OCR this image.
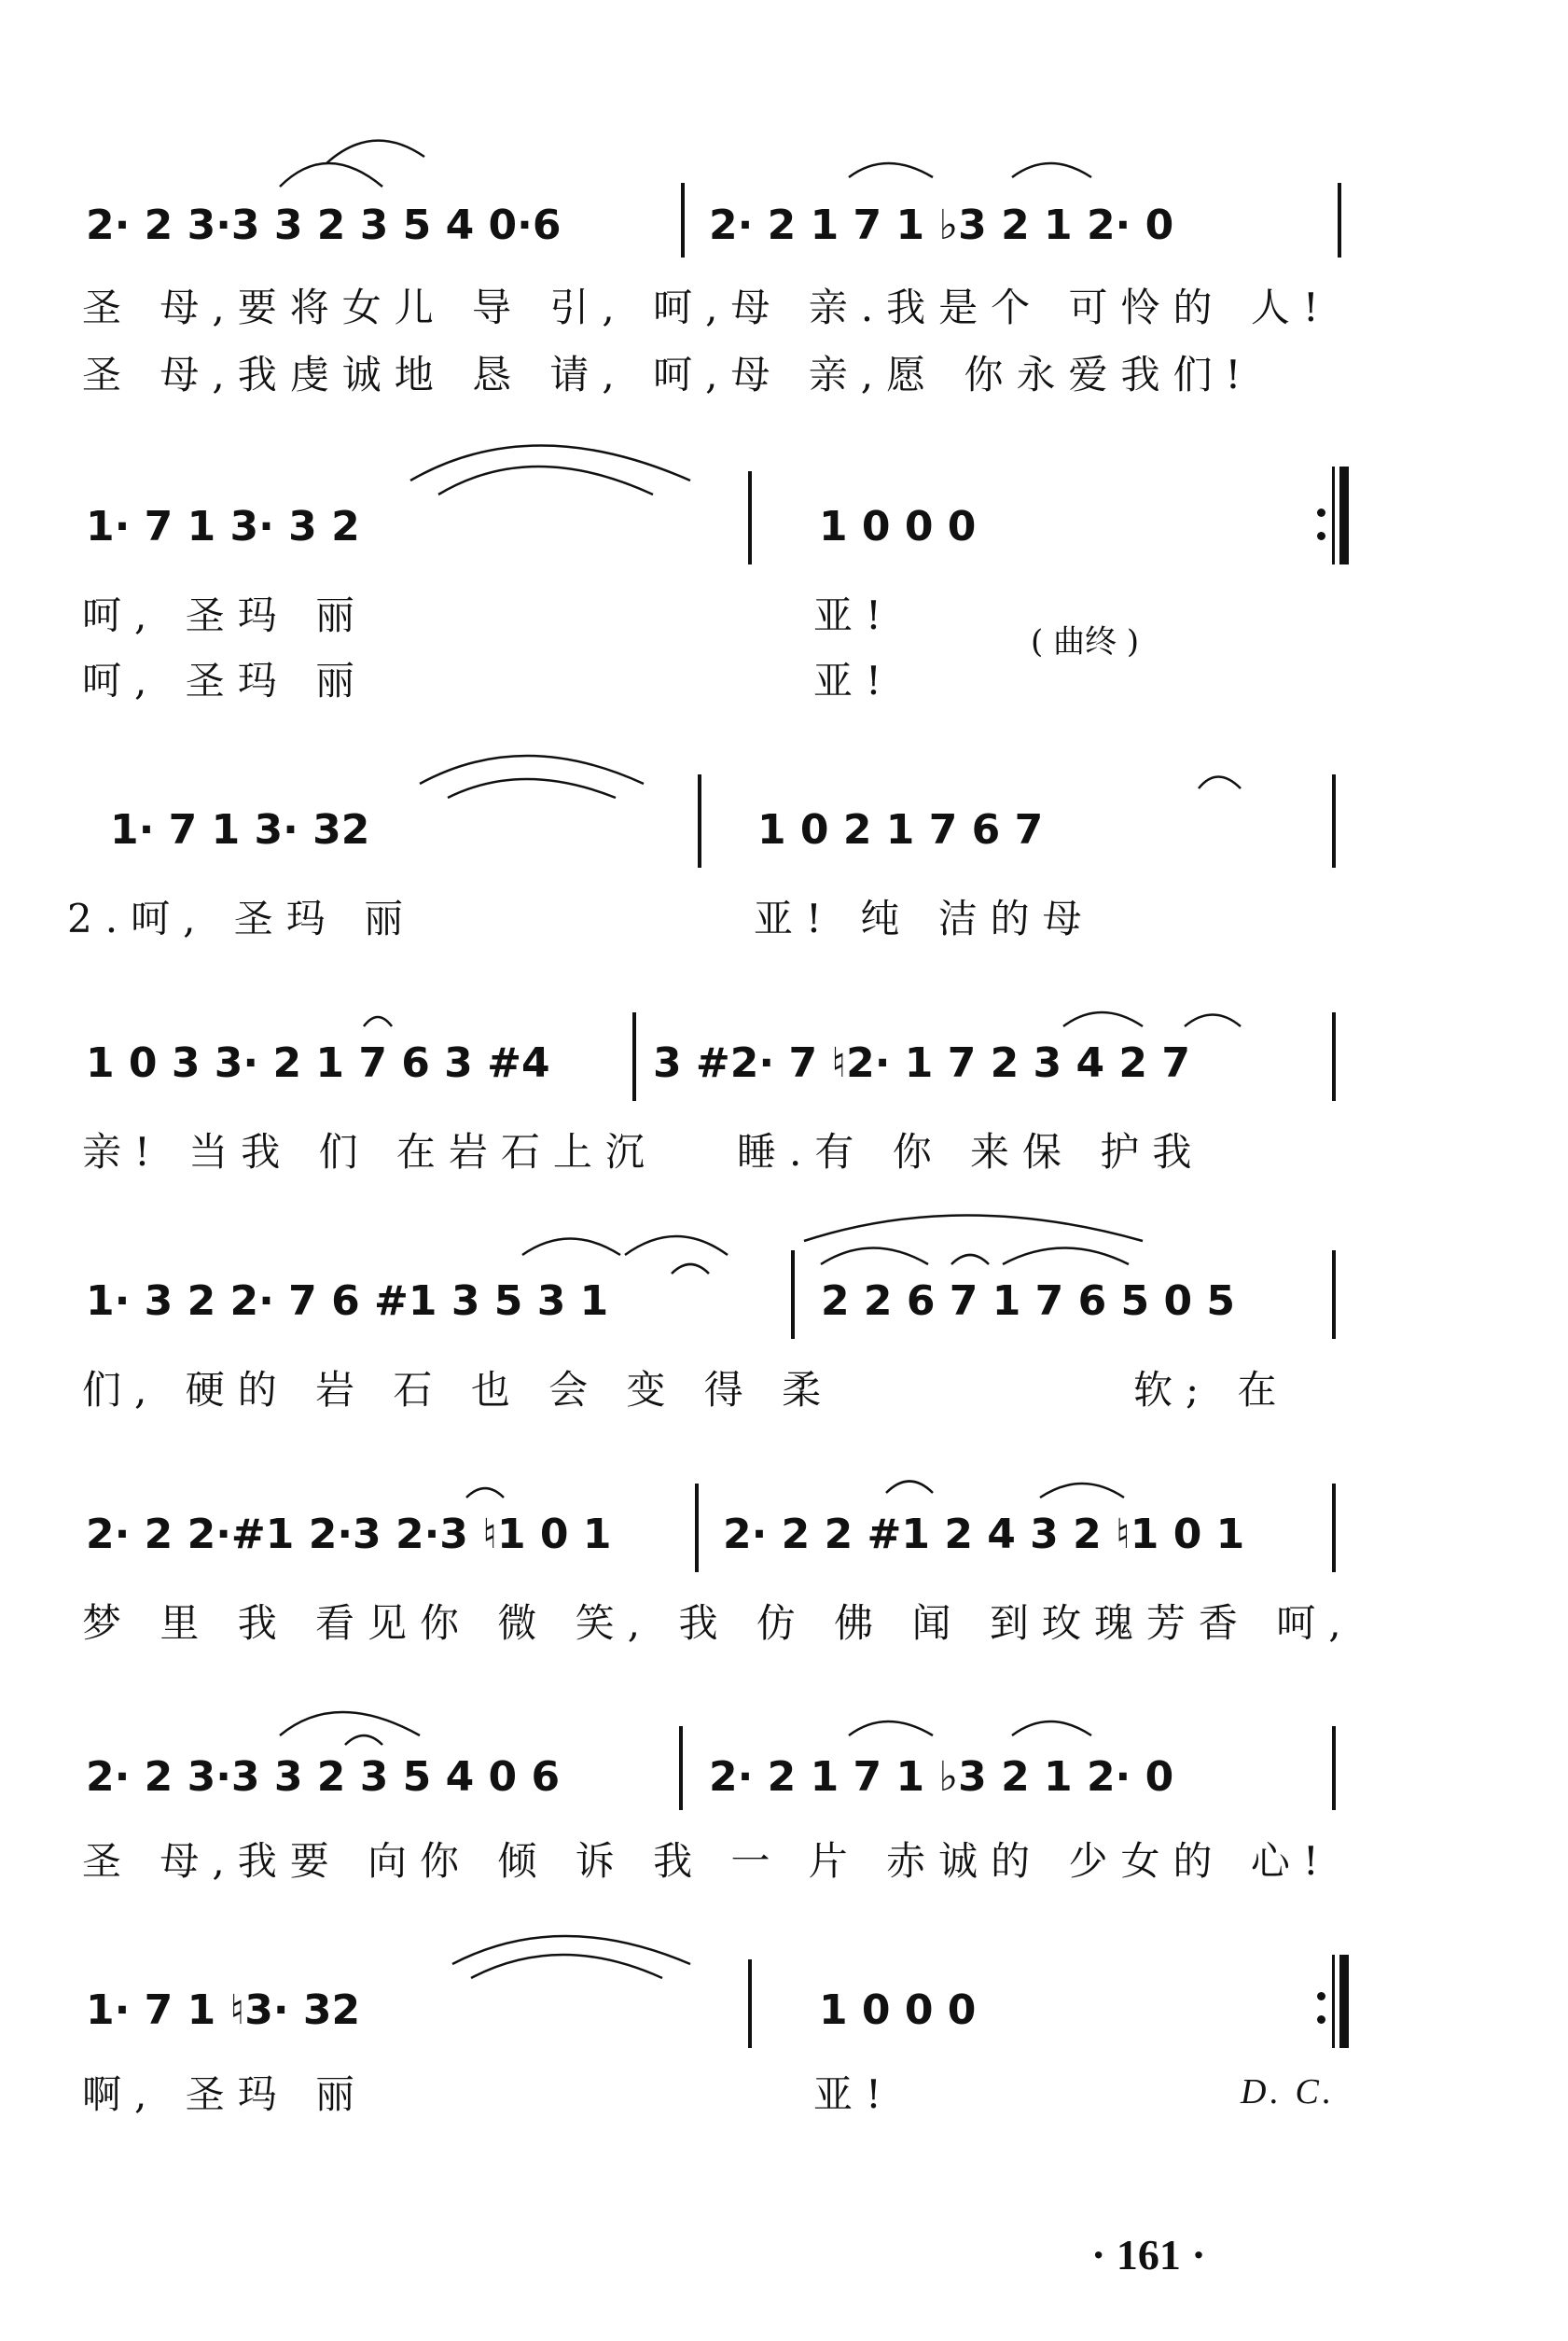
2· 2 3·3 3 2 3 5 4 0·6

	2· 2 1 7 1 ♭3 2 1 2· 0

圣 母,要将女儿 导 引, 呵,母 亲.我是个 可怜的 人!

圣 母,我虔诚地 恳 请, 呵,母 亲,愿 你永爱我们!

1· 7 1 3· 3 2

	1 0 0 0

呵, 圣玛 丽

	亚!

( 曲终 )

呵, 圣玛 丽

	亚!

1· 7 1 3· 32

	1 0 2 1 7 6 7

2.呵, 圣玛 丽

	亚! 纯 洁的母

1 0 3 3· 2 1 7 6 3 #4

	3 #2· 7 ♮2· 1 7 2 3 4 2 7

亲! 当我 们 在岩石上沉

睡.有 你 来保 护我

1· 3 2 2· 7 6 #1 3 5 3 1

	2 2 6 7 1 7 6 5 0 5

们, 硬的 岩 石 也 会 变 得 柔

	软; 在

2· 2 2·#1 2·3 2·3 ♮1 0 1

	2· 2 2 #1 2 4 3 2 ♮1 0 1

梦 里 我 看见你 微 笑, 我 仿 佛 闻 到玫瑰芳香 呵,

2· 2 3·3 3 2 3 5 4 0 6

	2· 2 1 7 1 ♭3 2 1 2· 0

圣 母,我要 向你 倾 诉 我 一 片 赤诚的 少女的 心!

1· 7 1 ♮3· 32

	1 0 0 0

啊, 圣玛 丽

	亚!

	D. C.
· 161 ·
